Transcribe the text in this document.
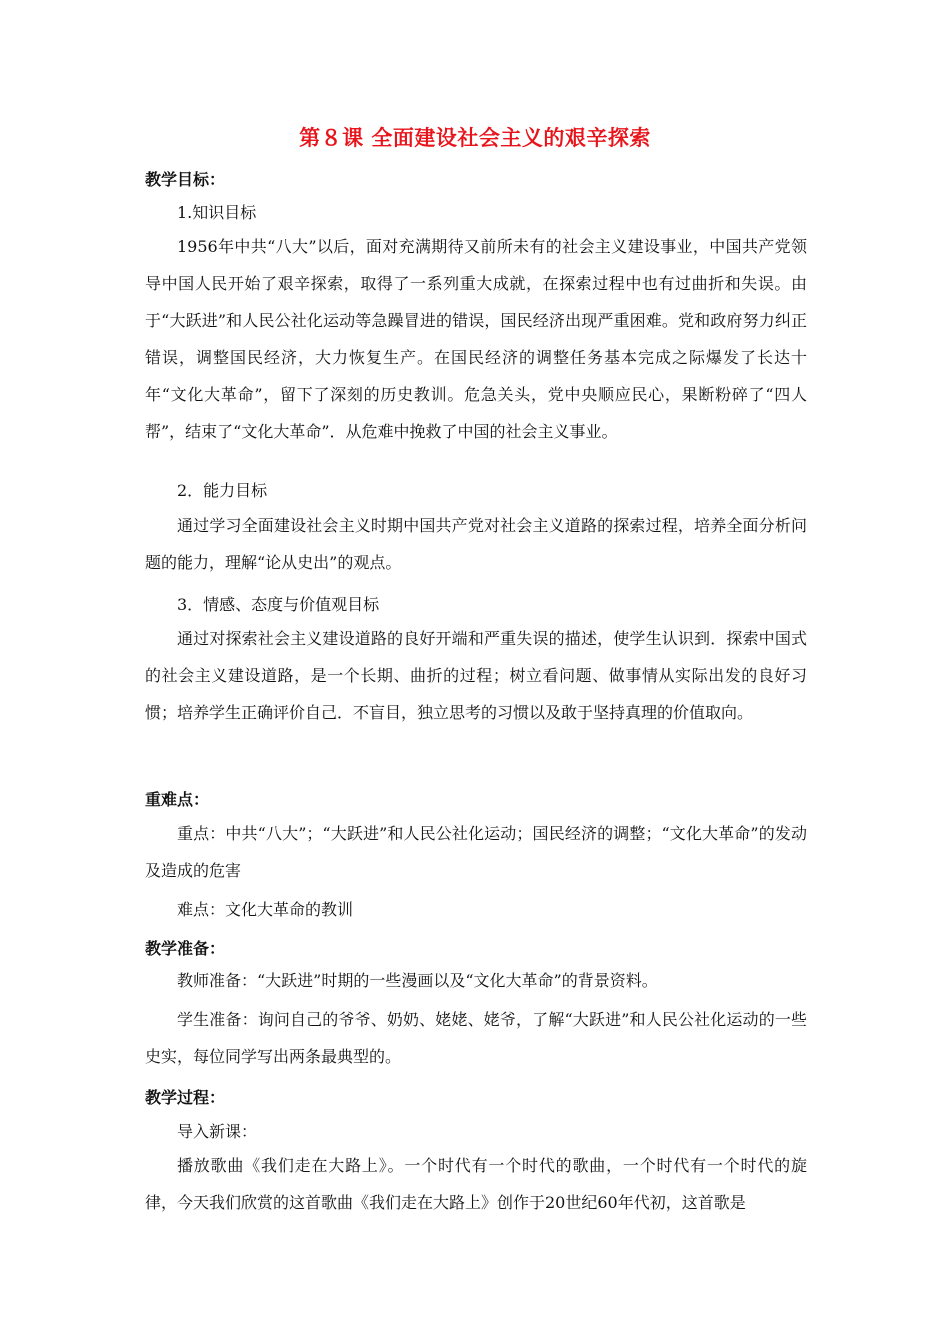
第８课 全面建设社会主义的艰辛探索
教学目标：
1.知识目标

1956年中共“八大”以后，面对充满期待又前所未有的社会主义建设事业，中国共产党领导中国人民开始了艰辛探索，取得了一系列重大成就，在探索过程中也有过曲折和失误。由于“大跃进”和人民公社化运动等急躁冒进的错误，国民经济出现严重困难。党和政府努力纠正错误，调整国民经济，大力恢复生产。在国民经济的调整任务基本完成之际爆发了长达十年“文化大革命”，留下了深刻的历史教训。危急关头，党中央顺应民心，果断粉碎了“四人帮”，结束了“文化大革命”．从危难中挽救了中国的社会主义事业。

2．能力目标

通过学习全面建设社会主义时期中国共产党对社会主义道路的探索过程，培养全面分析问题的能力，理解“论从史出”的观点。

3．情感、态度与价值观目标

通过对探索社会主义建设道路的良好开端和严重失误的描述，使学生认识到．探索中国式的社会主义建设道路，是一个长期、曲折的过程；树立看问题、做事情从实际出发的良好习惯；培养学生正确评价自己．不盲目，独立思考的习惯以及敢于坚持真理的价值取向。

重难点：

重点：中共“八大”；“大跃进”和人民公社化运动；国民经济的调整；“文化大革命”的发动及造成的危害

难点：文化大革命的教训

教学准备：

教师准备：“大跃进”时期的一些漫画以及“文化大革命”的背景资料。

学生准备：询问自己的爷爷、奶奶、姥姥、姥爷，了解“大跃进”和人民公社化运动的一些史实，每位同学写出两条最典型的。

教学过程：
导入新课：

播放歌曲《我们走在大路上》。一个时代有一个时代的歌曲，一个时代有一个时代的旋律，今天我们欣赏的这首歌曲《我们走在大路上》创作于20世纪60年代初，这首歌是
